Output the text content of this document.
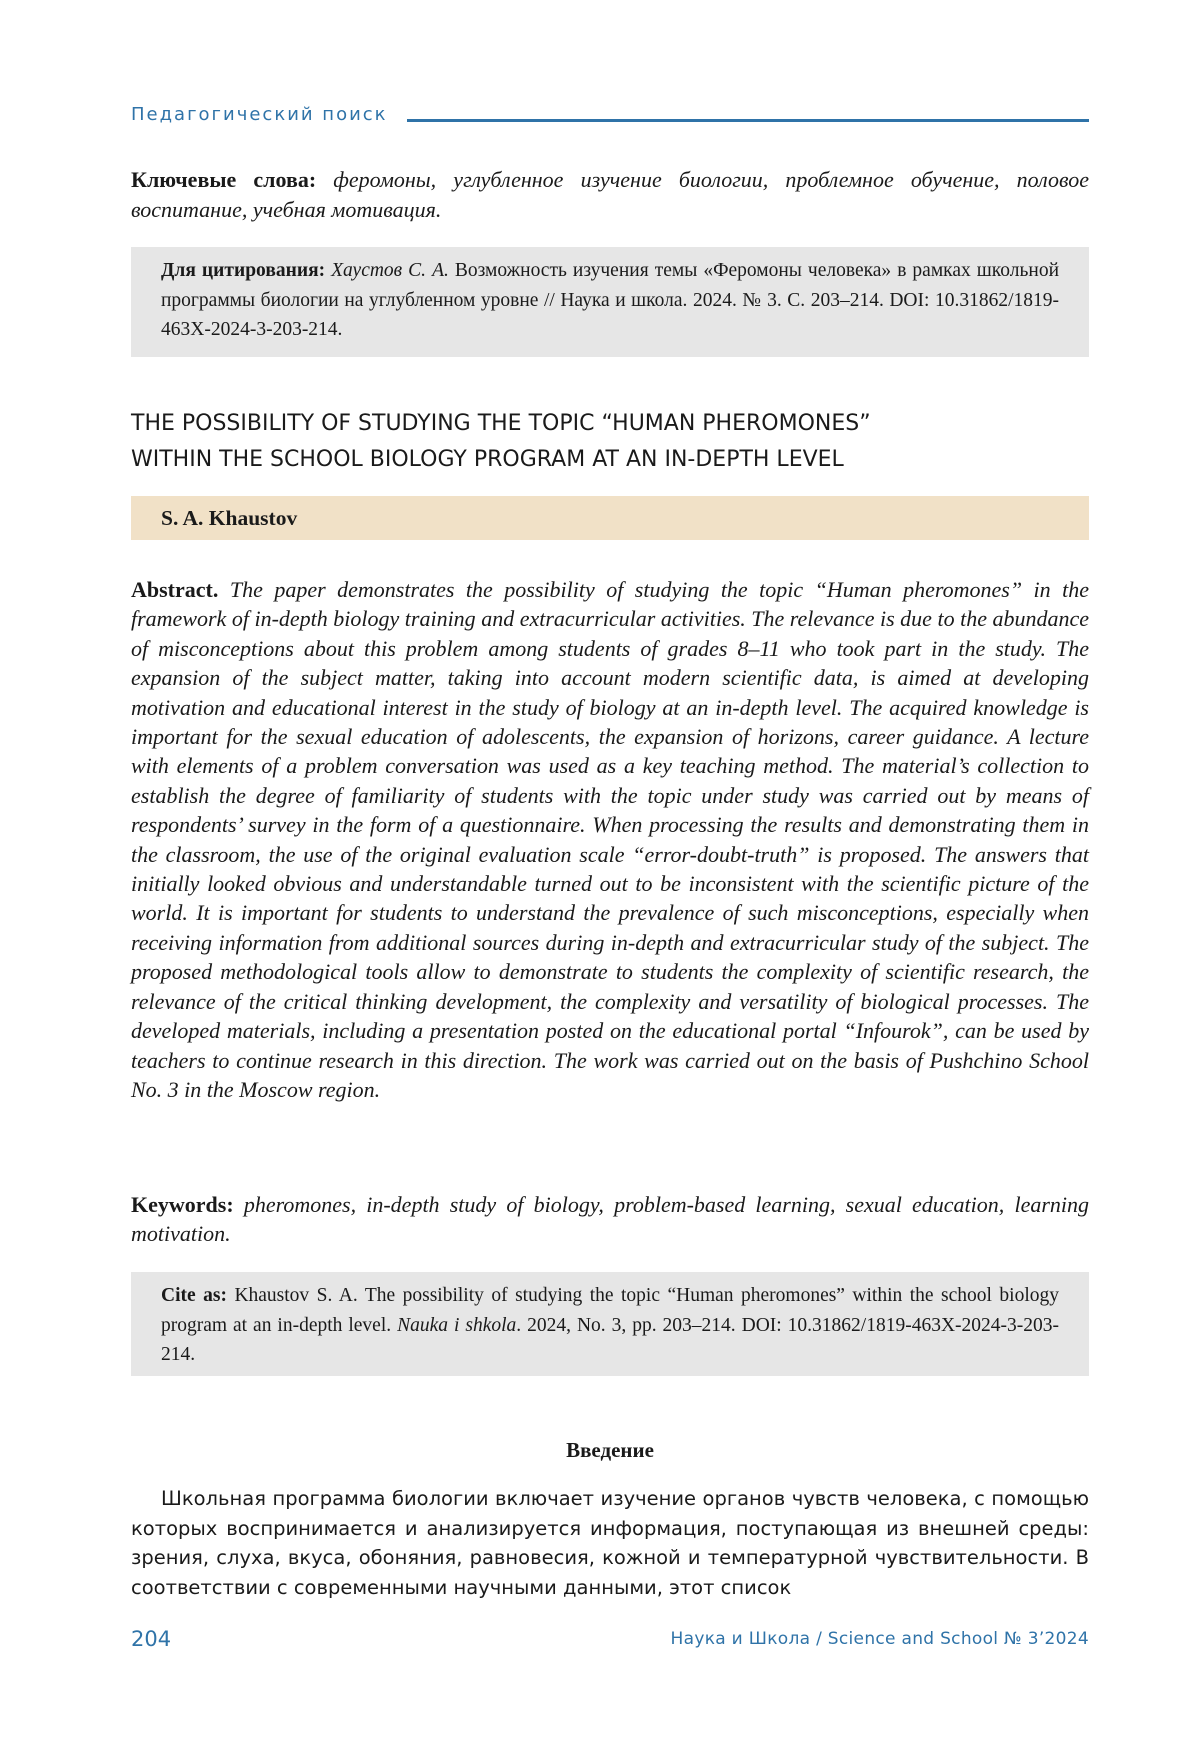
Педагогический поиск
Ключевые слова: феромоны, углубленное изучение биологии, проблемное обучение, половое воспитание, учебная мотивация.
Для цитирования: Хаустов С. А. Возможность изучения темы «Феромоны человека» в рамках школьной программы биологии на углубленном уровне // Наука и школа. 2024. № 3. С. 203–214. DOI: 10.31862/1819-463X-2024-3-203-214.
THE POSSIBILITY OF STUDYING THE TOPIC “HUMAN PHEROMONES”
WITHIN THE SCHOOL BIOLOGY PROGRAM AT AN IN-DEPTH LEVEL
S. A. Khaustov
Abstract. The paper demonstrates the possibility of studying the topic “Human pheromones” in the framework of in-depth biology training and extracurricular activities. The relevance is due to the abundance of misconceptions about this problem among students of grades 8–11 who took part in the study. The expansion of the subject matter, taking into account modern scientific data, is aimed at developing motivation and educational interest in the study of biology at an in-depth level. The acquired knowledge is important for the sexual education of adolescents, the expansion of horizons, career guidance. A lecture with elements of a problem conversation was used as a key teaching method. The material’s collection to establish the degree of familiarity of students with the topic under study was carried out by means of respondents’ survey in the form of a questionnaire. When processing the results and demonstrating them in the classroom, the use of the original evaluation scale “error-doubt-truth” is proposed. The answers that initially looked obvious and understandable turned out to be inconsistent with the scientific picture of the world. It is important for students to understand the prevalence of such misconceptions, especially when receiving information from additional sources during in-depth and extracurricular study of the subject. The proposed methodological tools allow to demonstrate to students the complexity of scientific research, the relevance of the critical thinking development, the complexity and versatility of biological processes. The developed materials, including a presentation posted on the educational portal “Infourok”, can be used by teachers to continue research in this direction. The work was carried out on the basis of Pushchino School No. 3 in the Moscow region.
Keywords: pheromones, in-depth study of biology, problem-based learning, sexual education, learning motivation.
Cite as: Khaustov S. A. The possibility of studying the topic “Human pheromones” within the school biology program at an in-depth level. Nauka i shkola. 2024, No. 3, pp. 203–214. DOI: 10.31862/1819-463X-2024-3-203-214.
Введение
Школьная программа биологии включает изучение органов чувств человека, с помощью которых воспринимается и анализируется информация, поступающая из внешней среды: зрения, слуха, вкуса, обоняния, равновесия, кожной и температурной чувствительности. В соответствии с современными научными данными, этот список
204	Наука и Школа / Science and School № 3’2024
